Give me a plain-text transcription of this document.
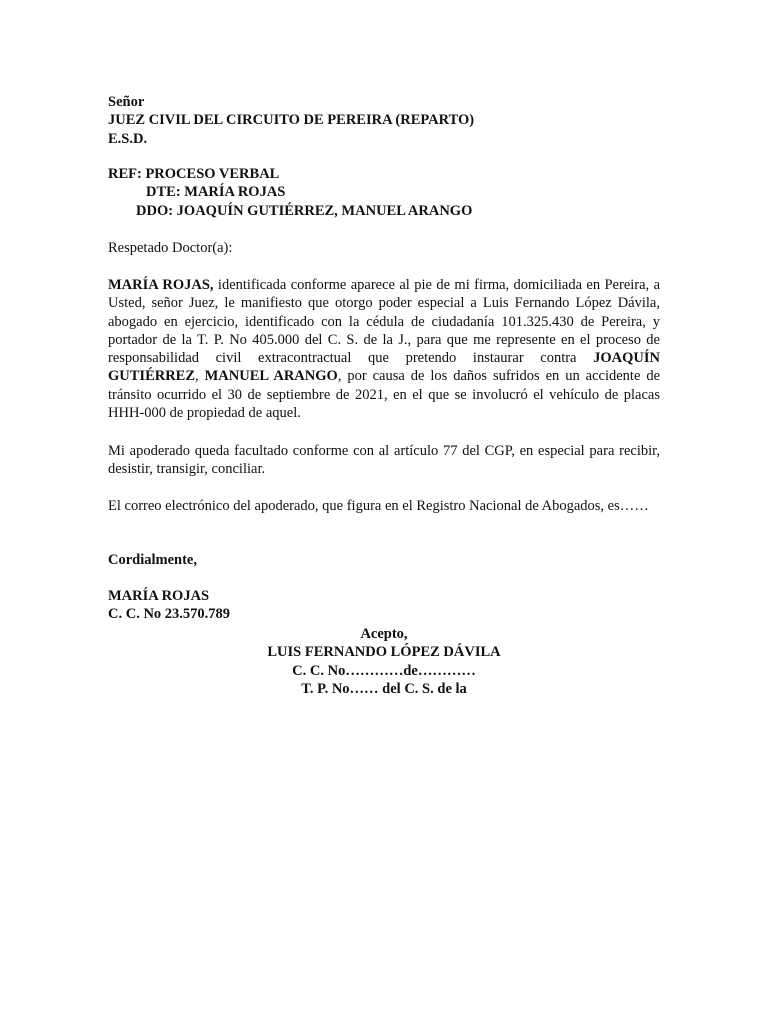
Señor
JUEZ CIVIL DEL CIRCUITO DE PEREIRA (REPARTO)
E.S.D.
REF: PROCESO VERBAL
DTE: MARÍA ROJAS
DDO: JOAQUÍN GUTIÉRREZ, MANUEL ARANGO
Respetado Doctor(a):

MARÍA ROJAS, identificada conforme aparece al pie de mi firma, domiciliada en Pereira, a Usted, señor Juez, le manifiesto que otorgo poder especial a Luis Fernando López Dávila, abogado en ejercicio, identificado con la cédula de ciudadanía 101.325.430 de Pereira, y portador de la T. P. No 405.000 del C. S. de la J., para que me represente en el proceso de responsabilidad civil extracontractual que pretendo instaurar contra JOAQUÍN GUTIÉRREZ, MANUEL ARANGO, por causa de los daños sufridos en un accidente de tránsito ocurrido el 30 de septiembre de 2021, en el que se involucró el vehículo de placas HHH-000 de propiedad de aquel.

Mi apoderado queda facultado conforme con al artículo 77 del CGP, en especial para recibir, desistir, transigir, conciliar.

El correo electrónico del apoderado, que figura en el Registro Nacional de Abogados, es……

Cordialmente,
MARÍA ROJAS
C. C. No 23.570.789
Acepto,
LUIS FERNANDO LÓPEZ DÁVILA
C. C. No…………de…………
T. P. No…… del C. S. de la
